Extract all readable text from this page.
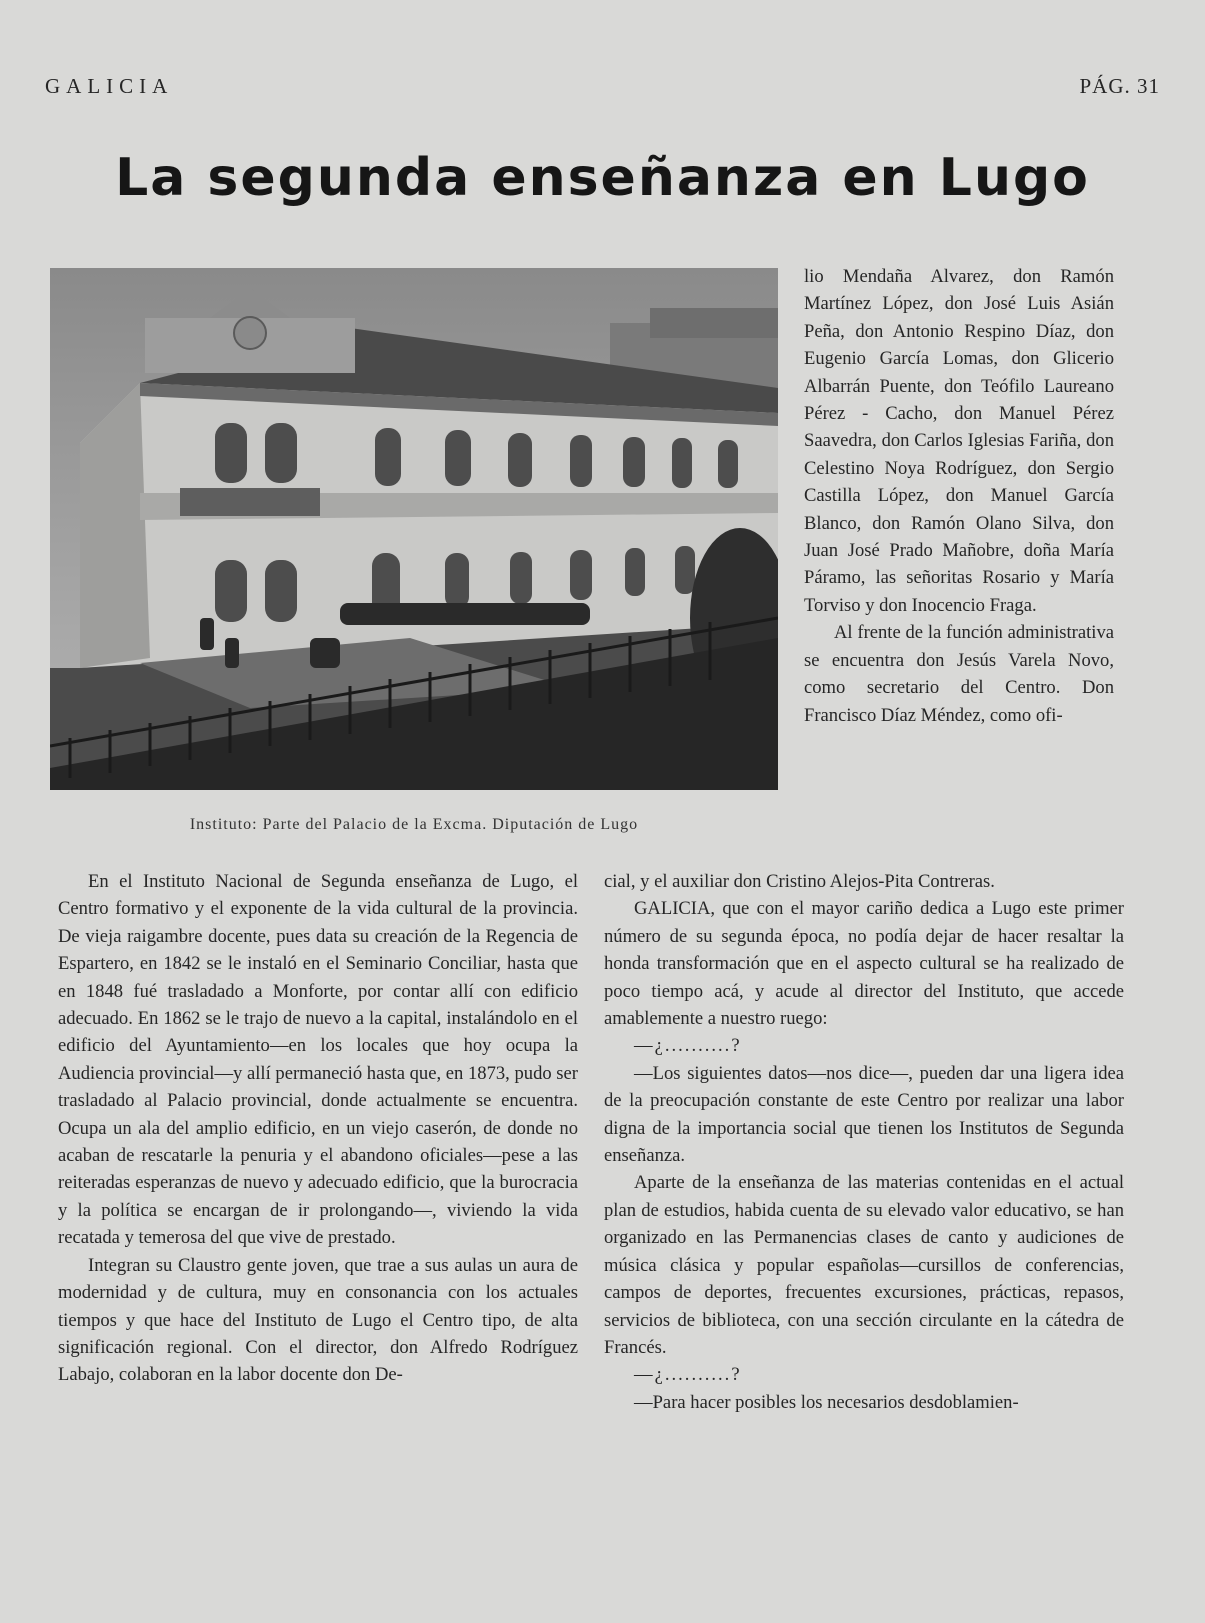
GALICIA	PÁG. 31
La segunda enseñanza en Lugo
Instituto: Parte del Palacio de la Excma. Diputación de Lugo

lio Mendaña Alvarez, don Ramón Martínez López, don José Luis Asián Peña, don Antonio Respino Díaz, don Eugenio García Lomas, don Glicerio Albarrán Puente, don Teófilo Laureano Pérez - Cacho, don Manuel Pérez Saavedra, don Carlos Iglesias Fariña, don Celestino Noya Rodríguez, don Sergio Castilla López, don Manuel García Blanco, don Ramón Olano Silva, don Juan José Prado Mañobre, doña María Páramo, las señoritas Rosario y María Torviso y don Inocencio Fraga.

Al frente de la función administrativa se encuentra don Jesús Varela Novo, como secretario del Centro. Don Francisco Díaz Méndez, como ofi-

En el Instituto Nacional de Segunda enseñanza de Lugo, el Centro formativo y el exponente de la vida cultural de la provincia. De vieja raigambre docente, pues data su creación de la Regencia de Espartero, en 1842 se le instaló en el Seminario Conciliar, hasta que en 1848 fué trasladado a Monforte, por contar allí con edificio adecuado. En 1862 se le trajo de nuevo a la capital, instalándolo en el edificio del Ayuntamiento—en los locales que hoy ocupa la Audiencia provincial—y allí permaneció hasta que, en 1873, pudo ser trasladado al Palacio provincial, donde actualmente se encuentra. Ocupa un ala del amplio edificio, en un viejo caserón, de donde no acaban de rescatarle la penuria y el abandono oficiales—pese a las reiteradas esperanzas de nuevo y adecuado edificio, que la burocracia y la política se encargan de ir prolongando—, viviendo la vida recatada y temerosa del que vive de prestado.

Integran su Claustro gente joven, que trae a sus aulas un aura de modernidad y de cultura, muy en consonancia con los actuales tiempos y que hace del Instituto de Lugo el Centro tipo, de alta significación regional. Con el director, don Alfredo Rodríguez Labajo, colaboran en la labor docente don De-

cial, y el auxiliar don Cristino Alejos-Pita Contreras.

GALICIA, que con el mayor cariño dedica a Lugo este primer número de su segunda época, no podía dejar de hacer resaltar la honda transformación que en el aspecto cultural se ha realizado de poco tiempo acá, y acude al director del Instituto, que accede amablemente a nuestro ruego:

—¿..........?

—Los siguientes datos—nos dice—, pueden dar una ligera idea de la preocupación constante de este Centro por realizar una labor digna de la importancia social que tienen los Institutos de Segunda enseñanza.

Aparte de la enseñanza de las materias contenidas en el actual plan de estudios, habida cuenta de su elevado valor educativo, se han organizado en las Permanencias clases de canto y audiciones de música clásica y popular españolas—cursillos de conferencias, campos de deportes, frecuentes excursiones, prácticas, repasos, servicios de biblioteca, con una sección circulante en la cátedra de Francés.

—¿..........?

—Para hacer posibles los necesarios desdoblamien-
